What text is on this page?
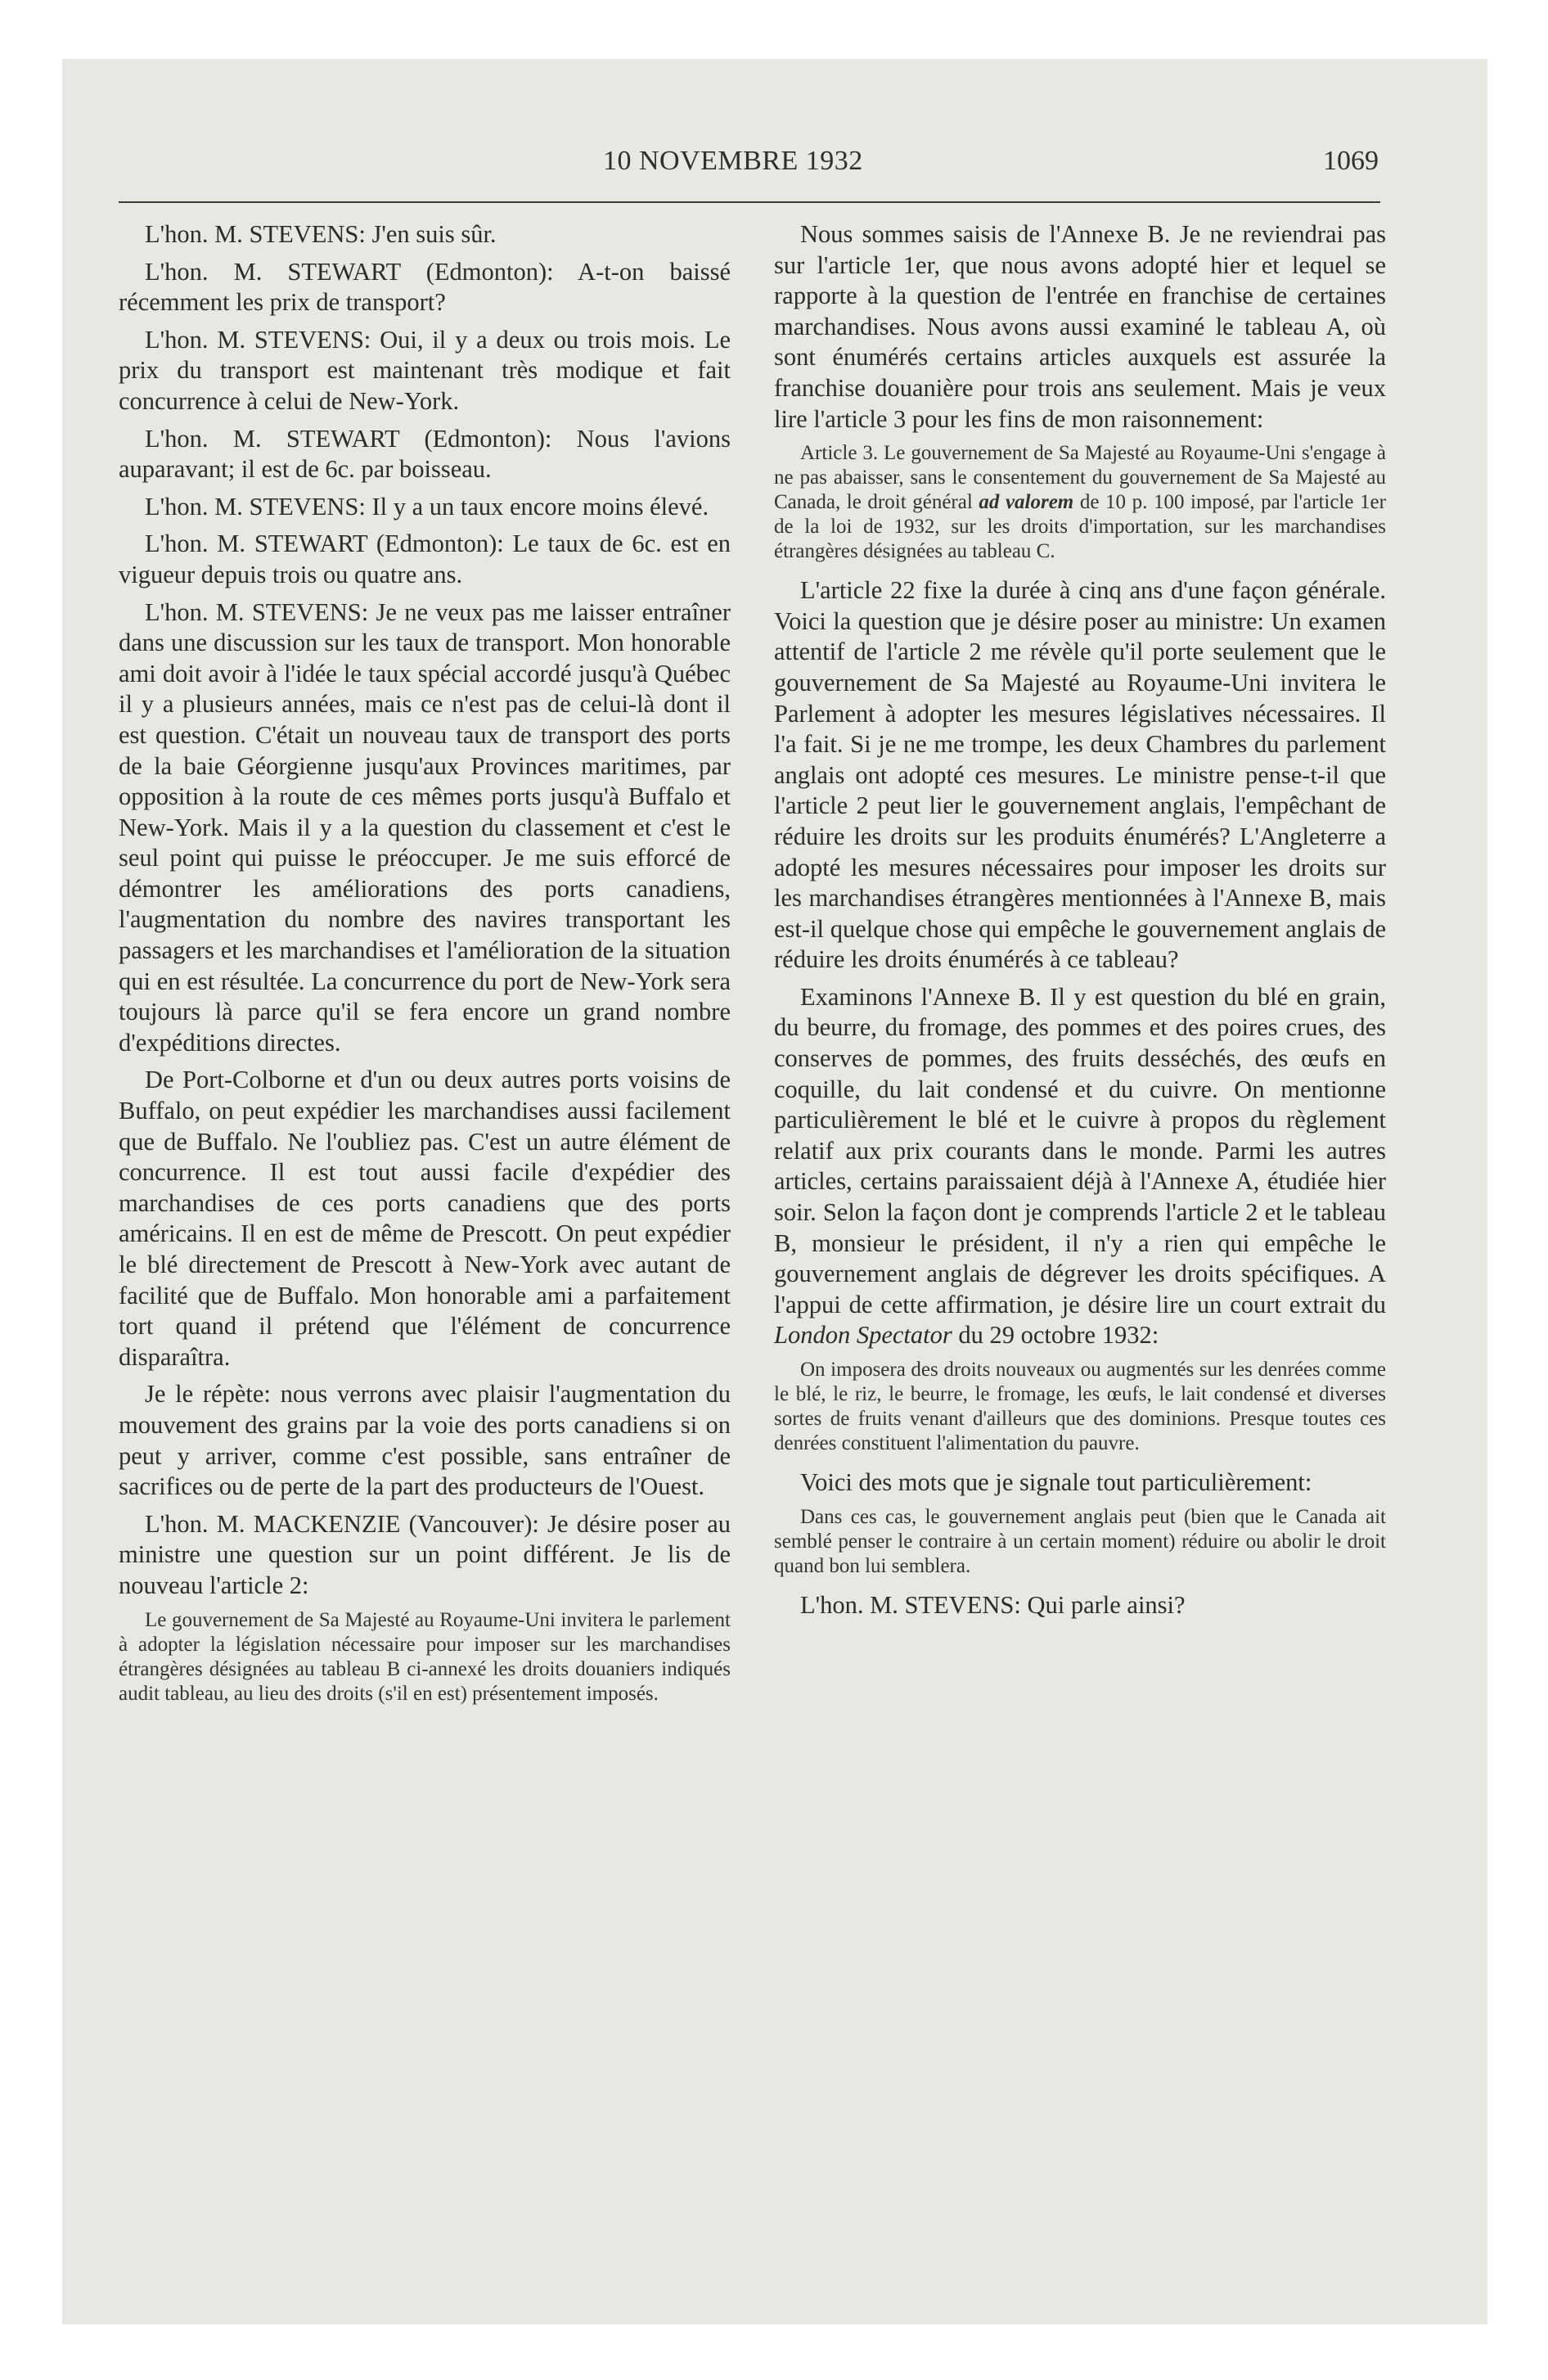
10 NOVEMBRE 1932	1069

L'hon. M. STEVENS: J'en suis sûr.

L'hon. M. STEWART (Edmonton): A-t-on baissé récemment les prix de transport?

L'hon. M. STEVENS: Oui, il y a deux ou trois mois. Le prix du transport est maintenant très modique et fait concurrence à celui de New-York.

L'hon. M. STEWART (Edmonton): Nous l'avions auparavant; il est de 6c. par boisseau.

L'hon. M. STEVENS: Il y a un taux encore moins élevé.

L'hon. M. STEWART (Edmonton): Le taux de 6c. est en vigueur depuis trois ou quatre ans.

L'hon. M. STEVENS: Je ne veux pas me laisser entraîner dans une discussion sur les taux de transport. Mon honorable ami doit avoir à l'idée le taux spécial accordé jusqu'à Québec il y a plusieurs années, mais ce n'est pas de celui-là dont il est question. C'était un nouveau taux de transport des ports de la baie Géorgienne jusqu'aux Provinces maritimes, par opposition à la route de ces mêmes ports jusqu'à Buffalo et New-York. Mais il y a la question du classement et c'est le seul point qui puisse le préoccuper. Je me suis efforcé de démontrer les améliorations des ports canadiens, l'augmentation du nombre des navires transportant les passagers et les marchandises et l'amélioration de la situation qui en est résultée. La concurrence du port de New-York sera toujours là parce qu'il se fera encore un grand nombre d'expéditions directes.

De Port-Colborne et d'un ou deux autres ports voisins de Buffalo, on peut expédier les marchandises aussi facilement que de Buffalo. Ne l'oubliez pas. C'est un autre élément de concurrence. Il est tout aussi facile d'expédier des marchandises de ces ports canadiens que des ports américains. Il en est de même de Prescott. On peut expédier le blé directement de Prescott à New-York avec autant de facilité que de Buffalo. Mon honorable ami a parfaitement tort quand il prétend que l'élément de concurrence disparaîtra.

Je le répète: nous verrons avec plaisir l'augmentation du mouvement des grains par la voie des ports canadiens si on peut y arriver, comme c'est possible, sans entraîner de sacrifices ou de perte de la part des producteurs de l'Ouest.

L'hon. M. MACKENZIE (Vancouver): Je désire poser au ministre une question sur un point différent. Je lis de nouveau l'article 2:

Le gouvernement de Sa Majesté au Royaume-Uni invitera le parlement à adopter la législation nécessaire pour imposer sur les marchandises étrangères désignées au tableau B ci-annexé les droits douaniers indiqués audit tableau, au lieu des droits (s'il en est) présentement imposés.

Nous sommes saisis de l'Annexe B. Je ne reviendrai pas sur l'article 1er, que nous avons adopté hier et lequel se rapporte à la question de l'entrée en franchise de certaines marchandises. Nous avons aussi examiné le tableau A, où sont énumérés certains articles auxquels est assurée la franchise douanière pour trois ans seulement. Mais je veux lire l'article 3 pour les fins de mon raisonnement:

Article 3. Le gouvernement de Sa Majesté au Royaume-Uni s'engage à ne pas abaisser, sans le consentement du gouvernement de Sa Majesté au Canada, le droit général ad valorem de 10 p. 100 imposé, par l'article 1er de la loi de 1932, sur les droits d'importation, sur les marchandises étrangères désignées au tableau C.

L'article 22 fixe la durée à cinq ans d'une façon générale. Voici la question que je désire poser au ministre: Un examen attentif de l'article 2 me révèle qu'il porte seulement que le gouvernement de Sa Majesté au Royaume-Uni invitera le Parlement à adopter les mesures législatives nécessaires. Il l'a fait. Si je ne me trompe, les deux Chambres du parlement anglais ont adopté ces mesures. Le ministre pense-t-il que l'article 2 peut lier le gouvernement anglais, l'empêchant de réduire les droits sur les produits énumérés? L'Angleterre a adopté les mesures nécessaires pour imposer les droits sur les marchandises étrangères mentionnées à l'Annexe B, mais est-il quelque chose qui empêche le gouvernement anglais de réduire les droits énumérés à ce tableau?

Examinons l'Annexe B. Il y est question du blé en grain, du beurre, du fromage, des pommes et des poires crues, des conserves de pommes, des fruits desséchés, des œufs en coquille, du lait condensé et du cuivre. On mentionne particulièrement le blé et le cuivre à propos du règlement relatif aux prix courants dans le monde. Parmi les autres articles, certains paraissaient déjà à l'Annexe A, étudiée hier soir. Selon la façon dont je comprends l'article 2 et le tableau B, monsieur le président, il n'y a rien qui empêche le gouvernement anglais de dégrever les droits spécifiques. A l'appui de cette affirmation, je désire lire un court extrait du London Spectator du 29 octobre 1932:

On imposera des droits nouveaux ou augmentés sur les denrées comme le blé, le riz, le beurre, le fromage, les œufs, le lait condensé et diverses sortes de fruits venant d'ailleurs que des dominions. Presque toutes ces denrées constituent l'alimentation du pauvre.

Voici des mots que je signale tout particulièrement:

Dans ces cas, le gouvernement anglais peut (bien que le Canada ait semblé penser le contraire à un certain moment) réduire ou abolir le droit quand bon lui semblera.

L'hon. M. STEVENS: Qui parle ainsi?
